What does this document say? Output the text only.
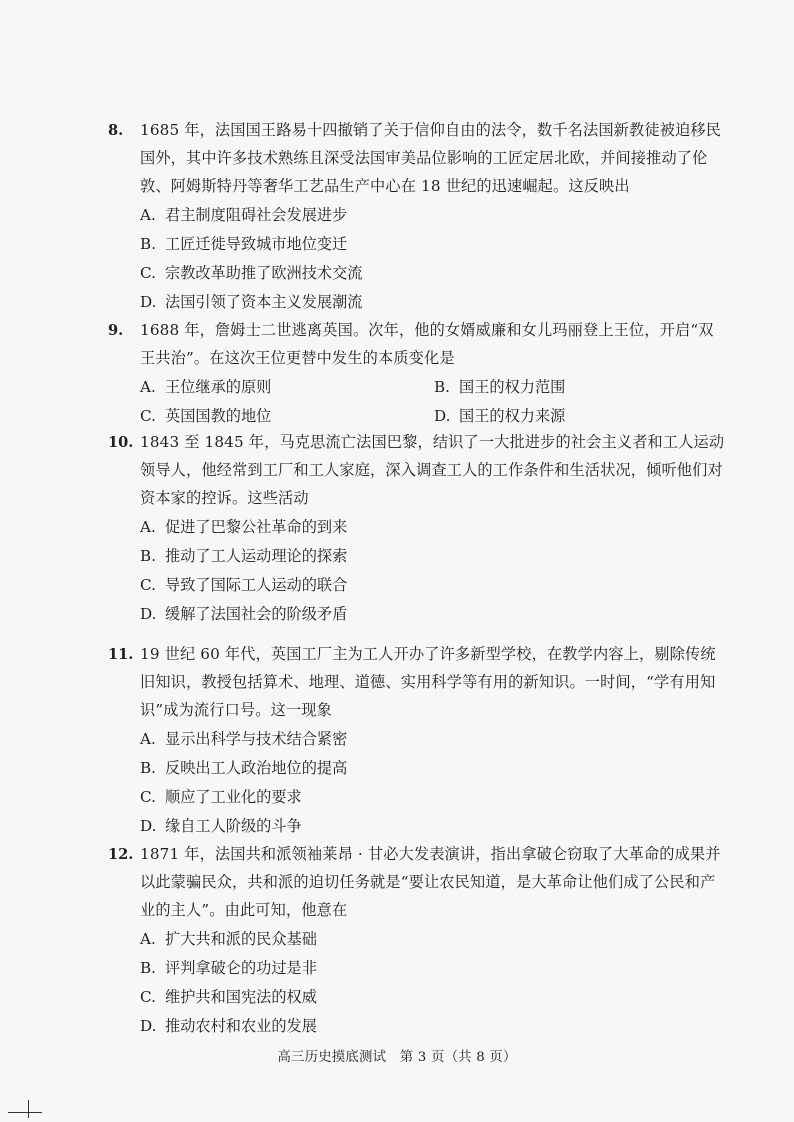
8.	1685 年，法国国王路易十四撤销了关于信仰自由的法令，数千名法国新教徒被迫移民国外，其中许多技术熟练且深受法国审美品位影响的工匠定居北欧，并间接推动了伦敦、阿姆斯特丹等奢华工艺品生产中心在 18 世纪的迅速崛起。这反映出
A. 君主制度阻碍社会发展进步
B. 工匠迁徙导致城市地位变迁
C. 宗教改革助推了欧洲技术交流
D. 法国引领了资本主义发展潮流
9.	1688 年，詹姆士二世逃离英国。次年，他的女婿威廉和女儿玛丽登上王位，开启“双王共治”。在这次王位更替中发生的本质变化是
A. 王位继承的原则	B. 国王的权力范围
C. 英国国教的地位	D. 国王的权力来源
10. 1843 至 1845 年，马克思流亡法国巴黎，结识了一大批进步的社会主义者和工人运动领导人，他经常到工厂和工人家庭，深入调查工人的工作条件和生活状况，倾听他们对资本家的控诉。这些活动
A. 促进了巴黎公社革命的到来
B. 推动了工人运动理论的探索
C. 导致了国际工人运动的联合
D. 缓解了法国社会的阶级矛盾
11. 19 世纪 60 年代，英国工厂主为工人开办了许多新型学校，在教学内容上，剔除传统旧知识，教授包括算术、地理、道德、实用科学等有用的新知识。一时间，“学有用知识”成为流行口号。这一现象
A. 显示出科学与技术结合紧密
B. 反映出工人政治地位的提高
C. 顺应了工业化的要求
D. 缘自工人阶级的斗争
12. 1871 年，法国共和派领袖莱昂 · 甘必大发表演讲，指出拿破仑窃取了大革命的成果并以此蒙骗民众，共和派的迫切任务就是“要让农民知道，是大革命让他们成了公民和产业的主人”。由此可知，他意在
A. 扩大共和派的民众基础
B. 评判拿破仑的功过是非
C. 维护共和国宪法的权威
D. 推动农村和农业的发展
高三历史摸底测试　第 3 页（共 8 页）
